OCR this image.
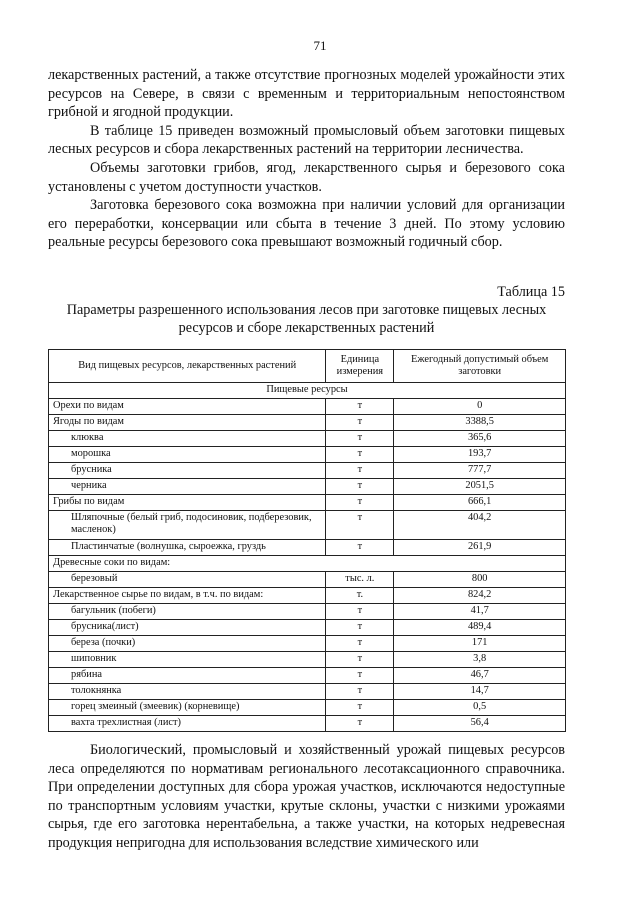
71

лекарственных растений, а также отсутствие прогнозных моделей урожайности этих ресурсов на Севере, в связи с временным и территориальным непостоянством грибной и ягодной продукции.

В таблице 15 приведен возможный промысловый объем заготовки пищевых лесных ресурсов и сбора лекарственных растений на территории лесничества.

Объемы заготовки грибов, ягод, лекарственного сырья и березового сока установлены с учетом доступности участков.

Заготовка березового сока возможна при наличии условий для организации его переработки, консервации или сбыта в течение 3 дней. По этому условию реальные ресурсы березового сока превышают возможный годичный сбор.

Таблица 15
Параметры разрешенного использования лесов при заготовке пищевых лесных ресурсов и сборе лекарственных растений
Вид пищевых ресурсов, лекарственных растений	Единица измерения	Ежегодный допустимый объем заготовки
Пищевые ресурсы		
Орехи по видам	т	0
Ягоды по видам	т	3388,5
клюква	т	365,6
морошка	т	193,7
брусника	т	777,7
черника	т	2051,5
Грибы по видам	т	666,1
Шляпочные (белый гриб, подосиновик, подберезовик, масленок)	т	404,2
Пластинчатые (волнушка, сыроежка, груздь	т	261,9
Древесные соки по видам:		
березовый	тыс. л.	800
Лекарственное сырье по видам, в т.ч. по видам:	т.	824,2
багульник (побеги)	т	41,7
брусника(лист)	т	489,4
береза (почки)	т	171
шиповник	т	3,8
рябина	т	46,7
толокнянка	т	14,7
горец змеиный (змеевик) (корневище)	т	0,5
вахта трехлистная (лист)	т	56,4

Биологический, промысловый и хозяйственный урожай пищевых ресурсов леса определяются по нормативам регионального лесотаксационного справочника. При определении доступных для сбора урожая участков, исключаются недоступные по транспортным условиям участки, крутые склоны, участки с низкими урожаями сырья, где его заготовка нерентабельна, а также участки, на которых недревесная продукция непригодна для использования вследствие химического или
